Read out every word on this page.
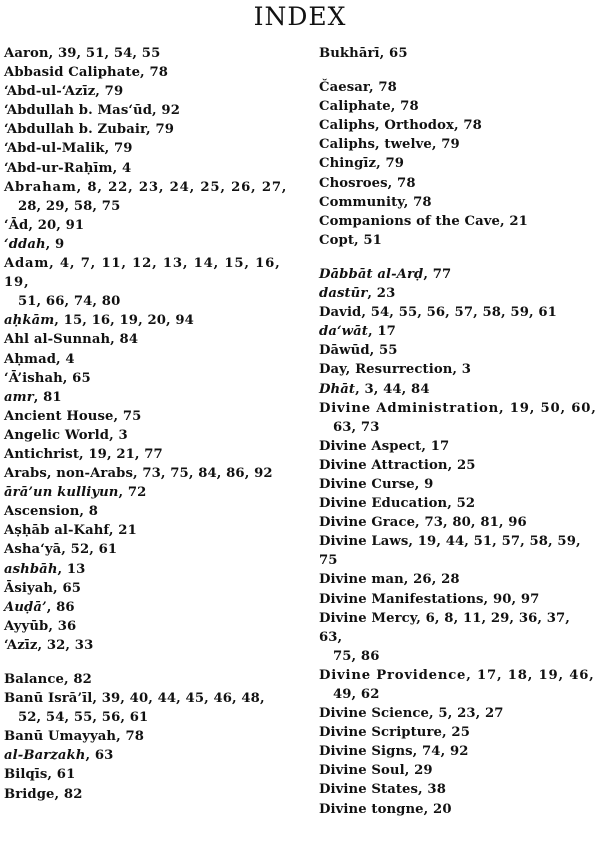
INDEX
Aaron, 39, 51, 54, 55
Abbasid Caliphate, 78
‘Abd-ul-‘Azīz, 79
‘Abdullah b. Mas‘ūd, 92
‘Abdullah b. Zubair, 79
‘Abd-ul-Malik, 79
‘Abd-ur-Raḥīm, 4
Abraham, 8, 22, 23, 24, 25, 26, 27,
28, 29, 58, 75
‘Ād, 20, 91
‘ddah, 9
Adam, 4, 7, 11, 12, 13, 14, 15, 16, 19,
51, 66, 74, 80
aḥkām, 15, 16, 19, 20, 94
Ahl al-Sunnah, 84
Aḥmad, 4
‘Ā’ishah, 65
amr, 81
Ancient House, 75
Angelic World, 3
Antichrist, 19, 21, 77
Arabs, non-Arabs, 73, 75, 84, 86, 92
ārā’un kulliyun, 72
Ascension, 8
Aṣḥāb al-Kahf, 21
Asha‘yā, 52, 61
ashbāh, 13
Āsiyah, 65
Auḍā’, 86
Ayyūb, 36
‘Azīz, 32, 33
Balance, 82
Banū Isrā’īl, 39, 40, 44, 45, 46, 48,
52, 54, 55, 56, 61
Banū Umayyah, 78
al-Barzakh, 63
Bilqīs, 61
Bridge, 82
Bukhārī, 65
Čaesar, 78
Caliphate, 78
Caliphs, Orthodox, 78
Caliphs, twelve, 79
Chingīz, 79
Chosroes, 78
Community, 78
Companions of the Cave, 21
Copt, 51
Dābbāt al-Arḍ, 77
dastūr, 23
David, 54, 55, 56, 57, 58, 59, 61
da‘wāt, 17
Dāwūd, 55
Day, Resurrection, 3
Dhāt, 3, 44, 84
Divine Administration, 19, 50, 60,
63, 73
Divine Aspect, 17
Divine Attraction, 25
Divine Curse, 9
Divine Education, 52
Divine Grace, 73, 80, 81, 96
Divine Laws, 19, 44, 51, 57, 58, 59, 75
Divine man, 26, 28
Divine Manifestations, 90, 97
Divine Mercy, 6, 8, 11, 29, 36, 37, 63,
75, 86
Divine Providence, 17, 18, 19, 46,
49, 62
Divine Science, 5, 23, 27
Divine Scripture, 25
Divine Signs, 74, 92
Divine Soul, 29
Divine States, 38
Divine tongne, 20
